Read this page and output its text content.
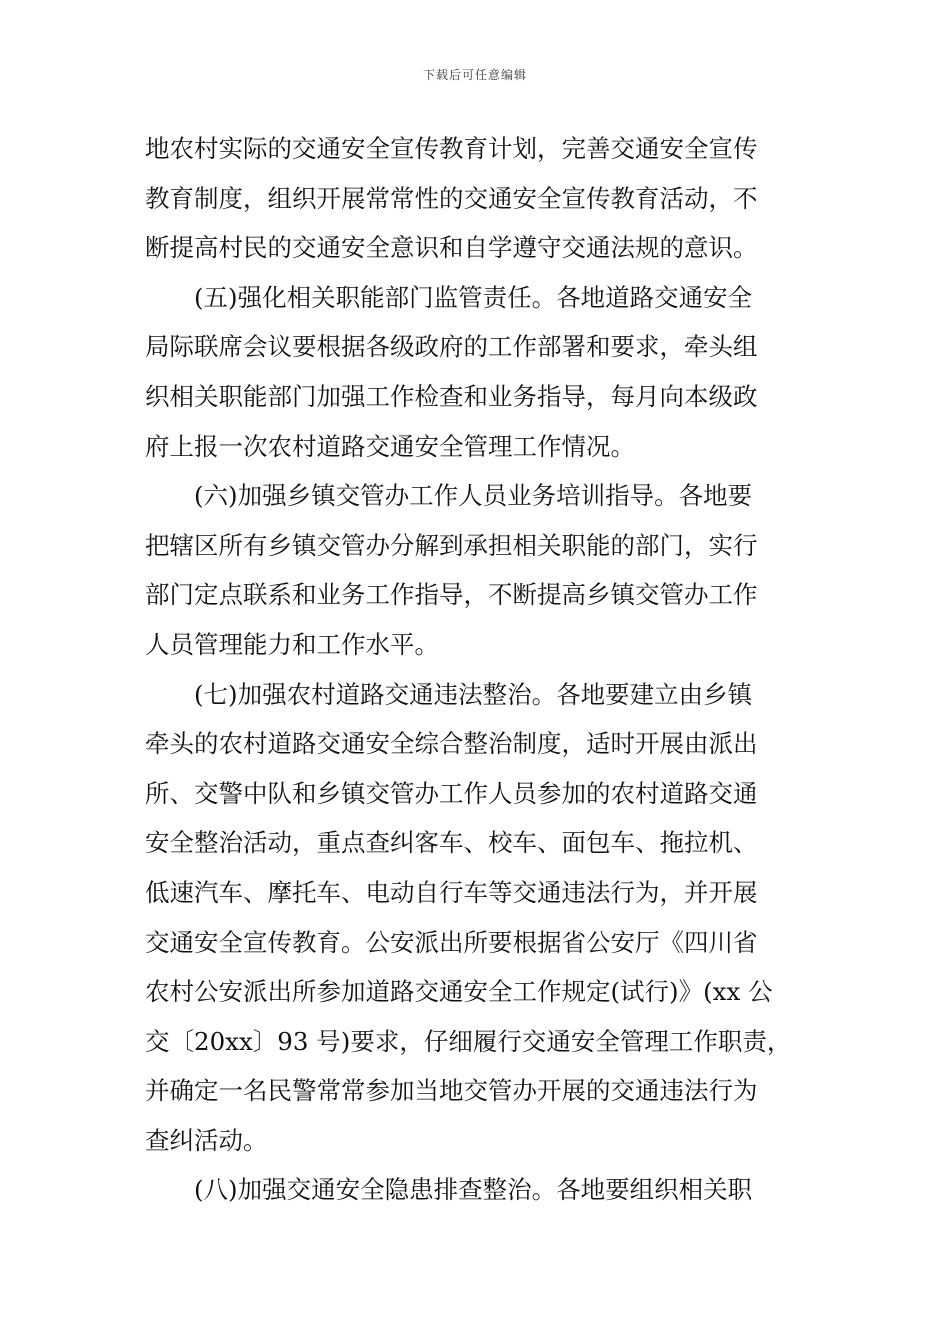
下载后可任意编辑
地农村实际的交通安全宣传教育计划，完善交通安全宣传
教育制度，组织开展常常性的交通安全宣传教育活动，不
断提高村民的交通安全意识和自学遵守交通法规的意识。
(五)强化相关职能部门监管责任。各地道路交通安全
局际联席会议要根据各级政府的工作部署和要求，牵头组
织相关职能部门加强工作检查和业务指导，每月向本级政
府上报一次农村道路交通安全管理工作情况。
(六)加强乡镇交管办工作人员业务培训指导。各地要
把辖区所有乡镇交管办分解到承担相关职能的部门，实行
部门定点联系和业务工作指导，不断提高乡镇交管办工作
人员管理能力和工作水平。
(七)加强农村道路交通违法整治。各地要建立由乡镇
牵头的农村道路交通安全综合整治制度，适时开展由派出
所、交警中队和乡镇交管办工作人员参加的农村道路交通
安全整治活动，重点查纠客车、校车、面包车、拖拉机、
低速汽车、摩托车、电动自行车等交通违法行为，并开展
交通安全宣传教育。公安派出所要根据省公安厅《四川省
农村公安派出所参加道路交通安全工作规定(试行)》(xx 公
交〔20xx〕93 号)要求，仔细履行交通安全管理工作职责，
并确定一名民警常常参加当地交管办开展的交通违法行为
查纠活动。
(八)加强交通安全隐患排查整治。各地要组织相关职
